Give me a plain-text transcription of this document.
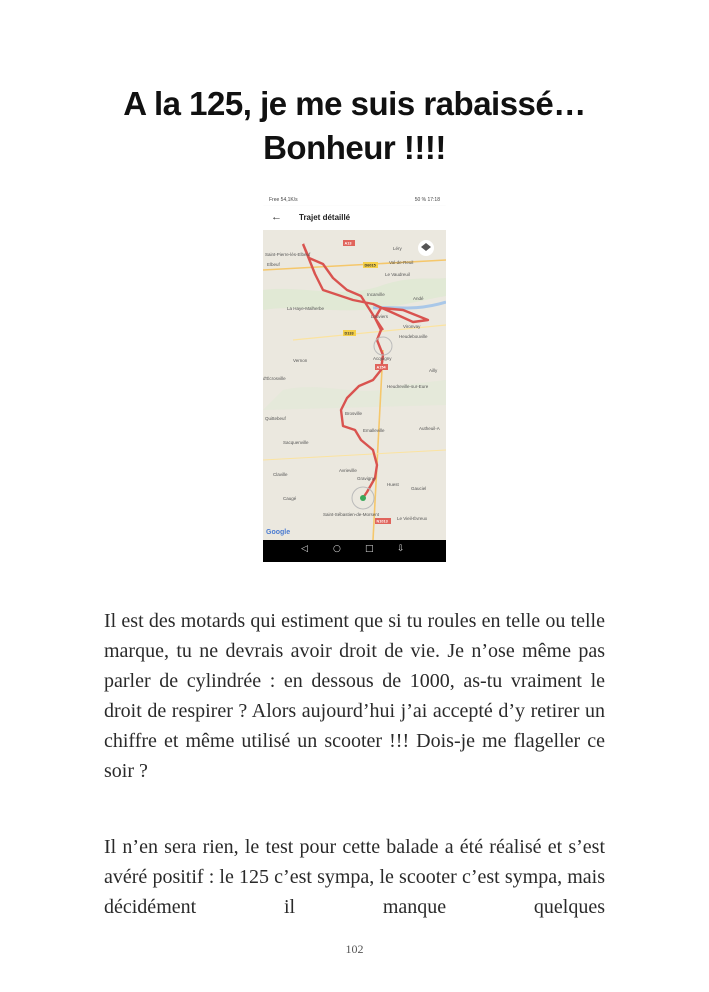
A la 125, je me suis rabaissé…
Bonheur !!!!
Free 54,1K/s	50 % 17:18
← Trajet détaillé
Elbeuf
Saint-Pierre-lès-Elbeuf
Léry
Val-de-Reuil
Le Vaudreuil
Incarville
Andé
Louviers
Vironvay
Heudebouville
La Haye-Malherbe
Acquigny
Vernon
Heudreville-sur-Eure
Ailly
Quittebeuf
Brosville
Emalleville
Sacquenville
Avrieville
Gravigny
Claville
Huest
Gauciel
Caugé
Saint-Sébastien-de-Morsent
Le Vieil-Évreux
Autheuil-A
d'Écrosville
A13
D6015
D133
A154
N1013
Google
◁	○	□	⇩

Il est des motards qui estiment que si tu roules en telle ou telle marque, tu ne devrais avoir droit de vie. Je n’ose même pas parler de cylindrée : en dessous de 1000, as-tu vraiment le droit de respirer ? Alors aujourd’hui j’ai accepté d’y retirer un chiffre et même utilisé un scooter !!! Dois-je me flageller ce soir ?

Il n’en sera rien, le test pour cette balade a été réalisé et s’est avéré positif : le 125 c’est sympa, le scooter c’est sympa, mais décidément il manque quelques

102
